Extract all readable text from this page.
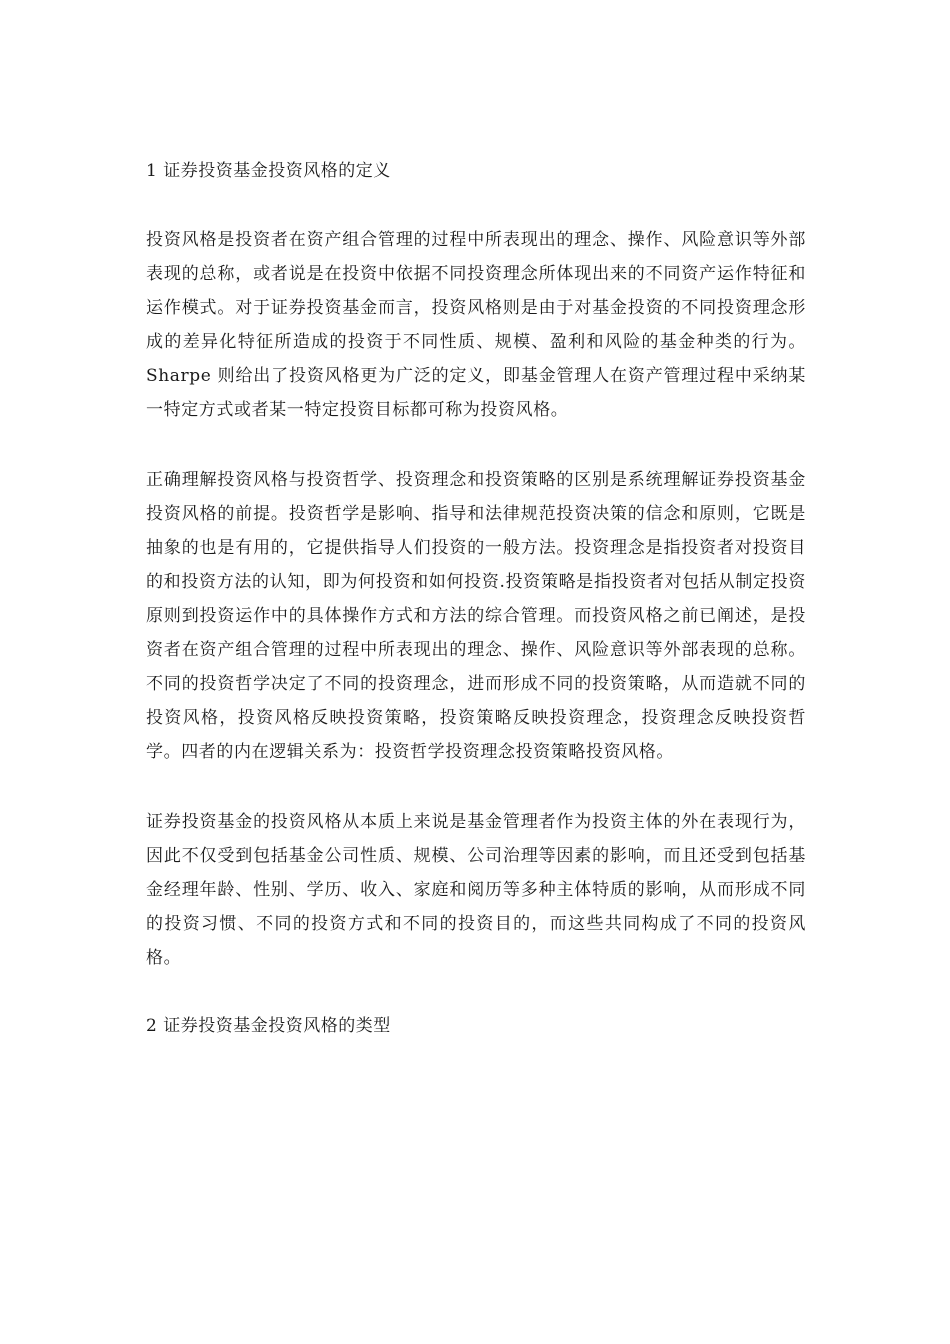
1 证券投资基金投资风格的定义

投资风格是投资者在资产组合管理的过程中所表现出的理念、操作、风险意识等外部表现的总称，或者说是在投资中依据不同投资理念所体现出来的不同资产运作特征和运作模式。对于证券投资基金而言，投资风格则是由于对基金投资的不同投资理念形成的差异化特征所造成的投资于不同性质、规模、盈利和风险的基金种类的行为。Sharpe 则给出了投资风格更为广泛的定义，即基金管理人在资产管理过程中采纳某一特定方式或者某一特定投资目标都可称为投资风格。

正确理解投资风格与投资哲学、投资理念和投资策略的区别是系统理解证券投资基金投资风格的前提。投资哲学是影响、指导和法律规范投资决策的信念和原则，它既是抽象的也是有用的，它提供指导人们投资的一般方法。投资理念是指投资者对投资目的和投资方法的认知，即为何投资和如何投资.投资策略是指投资者对包括从制定投资原则到投资运作中的具体操作方式和方法的综合管理。而投资风格之前已阐述，是投资者在资产组合管理的过程中所表现出的理念、操作、风险意识等外部表现的总称。不同的投资哲学决定了不同的投资理念，进而形成不同的投资策略，从而造就不同的投资风格，投资风格反映投资策略，投资策略反映投资理念，投资理念反映投资哲学。四者的内在逻辑关系为：投资哲学投资理念投资策略投资风格。

证券投资基金的投资风格从本质上来说是基金管理者作为投资主体的外在表现行为，因此不仅受到包括基金公司性质、规模、公司治理等因素的影响，而且还受到包括基金经理年龄、性别、学历、收入、家庭和阅历等多种主体特质的影响，从而形成不同的投资习惯、不同的投资方式和不同的投资目的，而这些共同构成了不同的投资风格。

2 证券投资基金投资风格的类型
